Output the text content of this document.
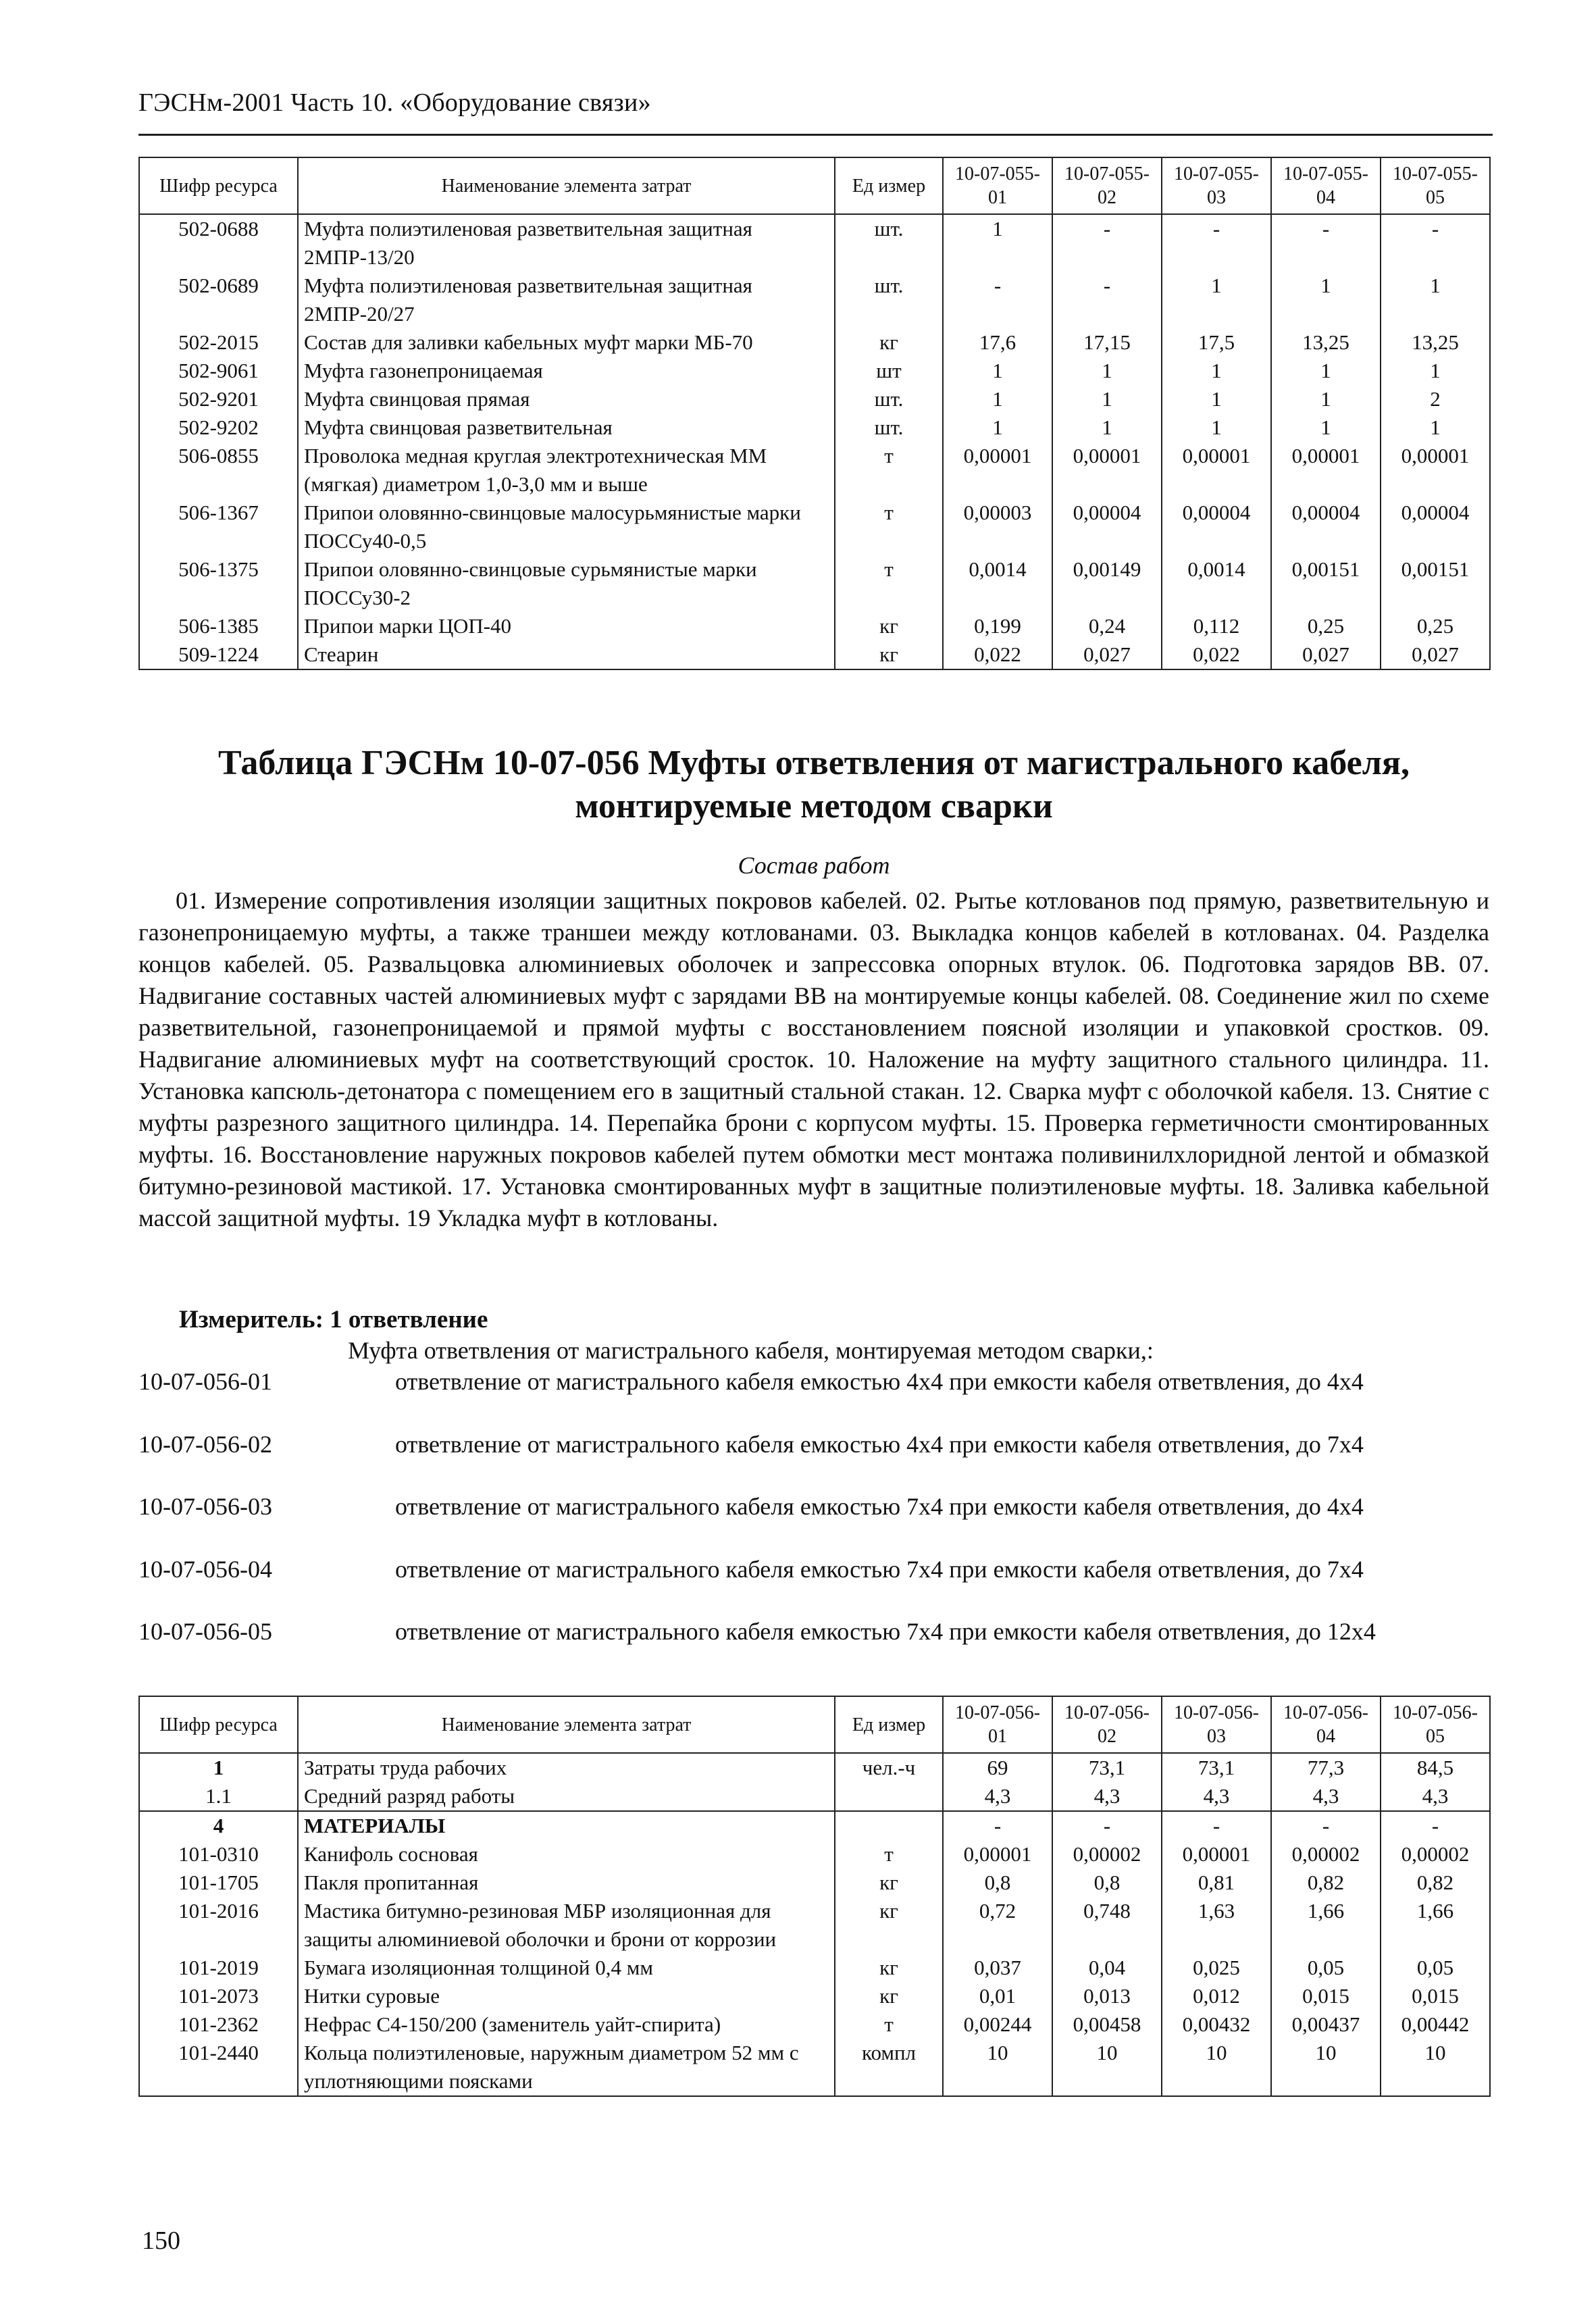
ГЭСНм-2001 Часть 10. «Оборудование связи»
Шифр ресурса	Наименование элемента затрат	Ед измер	10-07-055-01	10-07-055-02	10-07-055-03	10-07-055-04	10-07-055-05
502-0688	Муфта полиэтиленовая разветвительная защитная 2МПР-13/20	шт.	1	-	-	-	-
502-0689	Муфта полиэтиленовая разветвительная защитная 2МПР-20/27	шт.	-	-	1	1	1
502-2015	Состав для заливки кабельных муфт марки МБ-70	кг	17,6	17,15	17,5	13,25	13,25
502-9061	Муфта газонепроницаемая	шт	1	1	1	1	1
502-9201	Муфта свинцовая прямая	шт.	1	1	1	1	2
502-9202	Муфта свинцовая разветвительная	шт.	1	1	1	1	1
506-0855	Проволока медная круглая электротехническая ММ (мягкая) диаметром 1,0-3,0 мм и выше	т	0,00001	0,00001	0,00001	0,00001	0,00001
506-1367	Припои оловянно-свинцовые малосурьмянистые марки ПОССу40-0,5	т	0,00003	0,00004	0,00004	0,00004	0,00004
506-1375	Припои оловянно-свинцовые сурьмянистые марки ПОССу30-2	т	0,0014	0,00149	0,0014	0,00151	0,00151
506-1385	Припои марки ЦОП-40	кг	0,199	0,24	0,112	0,25	0,25
509-1224	Стеарин	кг	0,022	0,027	0,022	0,027	0,027
Таблица ГЭСНм 10-07-056 Муфты ответвления от магистрального кабеля, монтируемые методом сварки
Состав работ
01. Измерение сопротивления изоляции защитных покровов кабелей. 02. Рытье котлованов под прямую, разветвительную и газонепроницаемую муфты, а также траншеи между котлованами. 03. Выкладка концов кабелей в котлованах. 04. Разделка концов кабелей. 05. Развальцовка алюминиевых оболочек и запрессовка опорных втулок. 06. Подготовка зарядов ВВ. 07. Надвигание составных частей алюминиевых муфт с зарядами ВВ на монтируемые концы кабелей. 08. Соединение жил по схеме разветвительной, газонепроницаемой и прямой муфты с восстановлением поясной изоляции и упаковкой сростков. 09. Надвигание алюминиевых муфт на соответствующий сросток. 10. Наложение на муфту защитного стального цилиндра. 11. Установка капсюль-детонатора с помещением его в защитный стальной стакан. 12. Сварка муфт с оболочкой кабеля. 13. Снятие с муфты разрезного защитного цилиндра. 14. Перепайка брони с корпусом муфты. 15. Проверка герметичности смонтированных муфты. 16. Восстановление наружных покровов кабелей путем обмотки мест монтажа поливинилхлоридной лентой и обмазкой битумно-резиновой мастикой. 17. Установка смонтированных муфт в защитные полиэтиленовые муфты. 18. Заливка кабельной массой защитной муфты. 19 Укладка муфт в котлованы.
Измеритель: 1 ответвление
Муфта ответвления от магистрального кабеля, монтируемая методом сварки,:
10-07-056-01	ответвление от магистрального кабеля емкостью 4x4 при емкости кабеля ответвления, до 4x4
10-07-056-02	ответвление от магистрального кабеля емкостью 4x4 при емкости кабеля ответвления, до 7x4
10-07-056-03	ответвление от магистрального кабеля емкостью 7x4 при емкости кабеля ответвления, до 4x4
10-07-056-04	ответвление от магистрального кабеля емкостью 7x4 при емкости кабеля ответвления, до 7x4
10-07-056-05	ответвление от магистрального кабеля емкостью 7x4 при емкости кабеля ответвления, до 12x4
Шифр ресурса	Наименование элемента затрат	Ед измер	10-07-056-01	10-07-056-02	10-07-056-03	10-07-056-04	10-07-056-05
1	Затраты труда рабочих	чел.-ч	69	73,1	73,1	77,3	84,5
1.1	Средний разряд работы		4,3	4,3	4,3	4,3	4,3
4	МАТЕРИАЛЫ		-	-	-	-	-
101-0310	Канифоль сосновая	т	0,00001	0,00002	0,00001	0,00002	0,00002
101-1705	Пакля пропитанная	кг	0,8	0,8	0,81	0,82	0,82
101-2016	Мастика битумно-резиновая МБР изоляционная для защиты алюминиевой оболочки и брони от коррозии	кг	0,72	0,748	1,63	1,66	1,66
101-2019	Бумага изоляционная толщиной 0,4 мм	кг	0,037	0,04	0,025	0,05	0,05
101-2073	Нитки суровые	кг	0,01	0,013	0,012	0,015	0,015
101-2362	Нефрас С4-150/200 (заменитель уайт-спирита)	т	0,00244	0,00458	0,00432	0,00437	0,00442
101-2440	Кольца полиэтиленовые, наружным диаметром 52 мм с уплотняющими поясками	компл	10	10	10	10	10
150
